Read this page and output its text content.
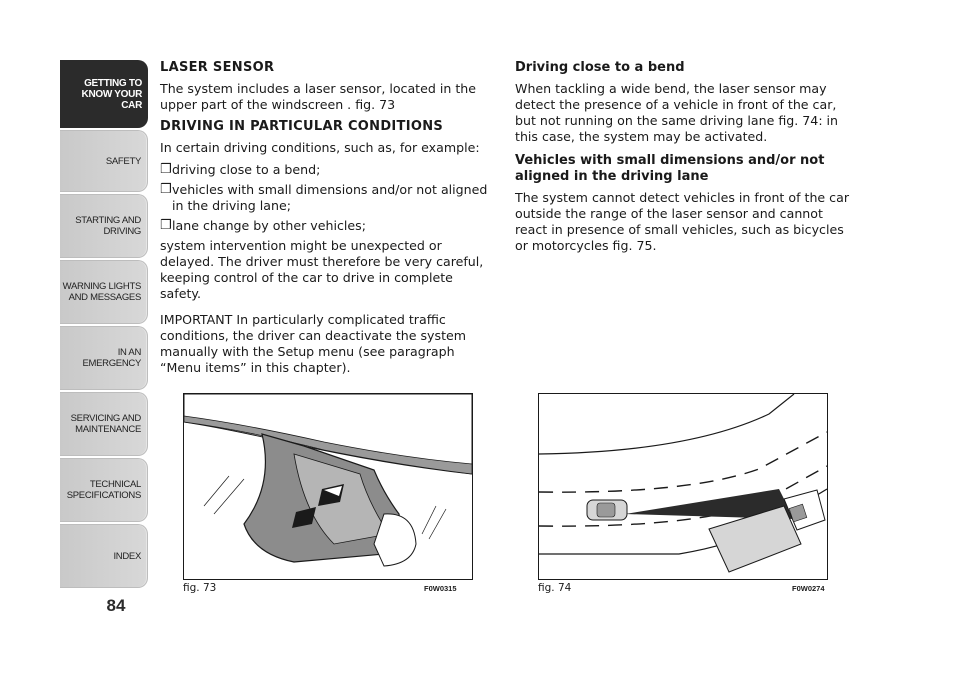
GETTING TO KNOW YOUR CAR
SAFETY
STARTING AND DRIVING
WARNING LIGHTS AND MESSAGES
IN AN EMERGENCY
SERVICING AND MAINTENANCE
TECHNICAL SPECIFICATIONS
INDEX
84
LASER SENSOR

The system includes a laser sensor, located in the upper part of the windscreen . fig. 73

DRIVING IN PARTICULAR CONDITIONS

In certain driving conditions, such as, for example:

❒ driving close to a bend;
❒ vehicles with small dimensions and/or not aligned in the driving lane;
❒ lane change by other vehicles;

system intervention might be unexpected or delayed. The driver must therefore be very careful, keeping control of the car to drive in complete safety.

IMPORTANT In particularly complicated traffic conditions, the driver can deactivate the system manually with the Setup menu (see paragraph “Menu items” in this chapter).

Driving close to a bend

When tackling a wide bend, the laser sensor may detect the presence of a vehicle in front of the car, but not running on the same driving lane fig. 74: in this case, the system may be activated.

Vehicles with small dimensions and/or not aligned in the driving lane

The system cannot detect vehicles in front of the car outside the range of the laser sensor and cannot react in presence of small vehicles, such as bicycles or motorcycles fig. 75.

fig. 73	F0W0315	fig. 74	F0W0274
